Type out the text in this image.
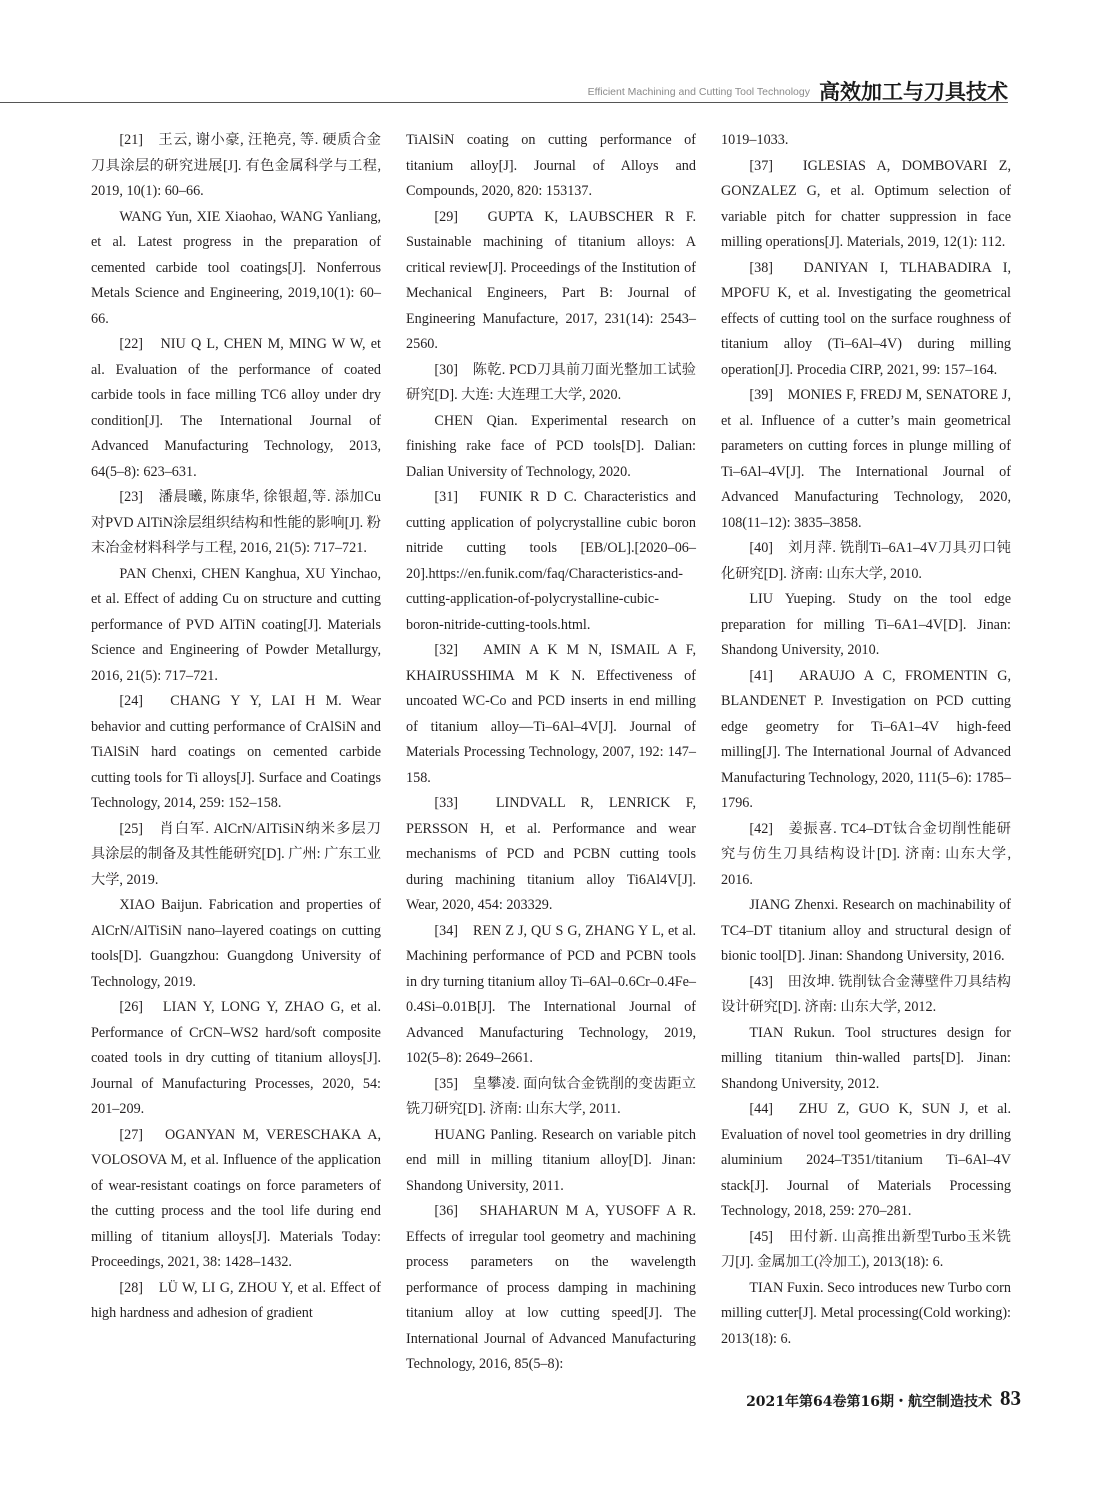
Efficient Machining and Cutting Tool Technology 高效加工与刀具技术

[21]　王云, 谢小豪, 汪艳亮, 等. 硬质合金刀具涂层的研究进展[J]. 有色金属科学与工程, 2019, 10(1): 60–66.

WANG Yun, XIE Xiaohao, WANG Yanliang, et al. Latest progress in the preparation of cemented carbide tool coatings[J]. Nonferrous Metals Science and Engineering, 2019,10(1): 60–66.

[22]　NIU Q L, CHEN M, MING W W, et al. Evaluation of the performance of coated carbide tools in face milling TC6 alloy under dry condition[J]. The International Journal of Advanced Manufacturing Technology, 2013, 64(5–8): 623–631.

[23]　潘晨曦, 陈康华, 徐银超,等. 添加Cu对PVD AlTiN涂层组织结构和性能的影响[J]. 粉末冶金材料科学与工程, 2016, 21(5): 717–721.

PAN Chenxi, CHEN Kanghua, XU Yinchao, et al. Effect of adding Cu on structure and cutting performance of PVD AlTiN coating[J]. Materials Science and Engineering of Powder Metallurgy, 2016, 21(5): 717–721.

[24]　CHANG Y Y, LAI H M. Wear behavior and cutting performance of CrAlSiN and TiAlSiN hard coatings on cemented carbide cutting tools for Ti alloys[J]. Surface and Coatings Technology, 2014, 259: 152–158.

[25]　肖白军. AlCrN/AlTiSiN纳米多层刀具涂层的制备及其性能研究[D]. 广州: 广东工业大学, 2019.

XIAO Baijun. Fabrication and properties of AlCrN/AlTiSiN nano–layered coatings on cutting tools[D]. Guangzhou: Guangdong University of Technology, 2019.

[26]　LIAN Y, LONG Y, ZHAO G, et al. Performance of CrCN–WS2 hard/soft composite coated tools in dry cutting of titanium alloys[J]. Journal of Manufacturing Processes, 2020, 54: 201–209.

[27]　OGANYAN M, VERESCHAKA A, VOLOSOVA M, et al. Influence of the application of wear-resistant coatings on force parameters of the cutting process and the tool life during end milling of titanium alloys[J]. Materials Today: Proceedings, 2021, 38: 1428–1432.

[28]　LÜ W, LI G, ZHOU Y, et al. Effect of high hardness and adhesion of gradient

TiAlSiN coating on cutting performance of titanium alloy[J]. Journal of Alloys and Compounds, 2020, 820: 153137.

[29]　GUPTA K, LAUBSCHER R F. Sustainable machining of titanium alloys: A critical review[J]. Proceedings of the Institution of Mechanical Engineers, Part B: Journal of Engineering Manufacture, 2017, 231(14): 2543–2560.

[30]　陈乾. PCD刀具前刀面光整加工试验研究[D]. 大连: 大连理工大学, 2020.

CHEN Qian. Experimental research on finishing rake face of PCD tools[D]. Dalian: Dalian University of Technology, 2020.

[31]　FUNIK R D C. Characteristics and cutting application of polycrystalline cubic boron nitride cutting tools [EB/OL].[2020–06–20].https://en.funik.com/faq/Characteristics-and-cutting-application-of-polycrystalline-cubic-boron-nitride-cutting-tools.html.

[32]　AMIN A K M N, ISMAIL A F, KHAIRUSSHIMA M K N. Effectiveness of uncoated WC-Co and PCD inserts in end milling of titanium alloy—Ti–6Al–4V[J]. Journal of Materials Processing Technology, 2007, 192: 147–158.

[33]　LINDVALL R, LENRICK F, PERSSON H, et al. Performance and wear mechanisms of PCD and PCBN cutting tools during machining titanium alloy Ti6Al4V[J]. Wear, 2020, 454: 203329.

[34]　REN Z J, QU S G, ZHANG Y L, et al. Machining performance of PCD and PCBN tools in dry turning titanium alloy Ti–6Al–0.6Cr–0.4Fe–0.4Si–0.01B[J]. The International Journal of Advanced Manufacturing Technology, 2019, 102(5–8): 2649–2661.

[35]　皇攀凌. 面向钛合金铣削的变齿距立铣刀研究[D]. 济南: 山东大学, 2011.

HUANG Panling. Research on variable pitch end mill in milling titanium alloy[D]. Jinan: Shandong University, 2011.

[36]　SHAHARUN M A, YUSOFF A R. Effects of irregular tool geometry and machining process parameters on the wavelength performance of process damping in machining titanium alloy at low cutting speed[J]. The International Journal of Advanced Manufacturing Technology, 2016, 85(5–8):

1019–1033.

[37]　IGLESIAS A, DOMBOVARI Z, GONZALEZ G, et al. Optimum selection of variable pitch for chatter suppression in face milling operations[J]. Materials, 2019, 12(1): 112.

[38]　DANIYAN I, TLHABADIRA I, MPOFU K, et al. Investigating the geometrical effects of cutting tool on the surface roughness of titanium alloy (Ti–6Al–4V) during milling operation[J]. Procedia CIRP, 2021, 99: 157–164.

[39]　MONIES F, FREDJ M, SENATORE J, et al. Influence of a cutter’s main geometrical parameters on cutting forces in plunge milling of Ti–6Al–4V[J]. The International Journal of Advanced Manufacturing Technology, 2020, 108(11–12): 3835–3858.

[40]　刘月萍. 铣削Ti–6A1–4V刀具刃口钝化研究[D]. 济南: 山东大学, 2010.

LIU Yueping. Study on the tool edge preparation for milling Ti–6A1–4V[D]. Jinan: Shandong University, 2010.

[41]　ARAUJO A C, FROMENTIN G, BLANDENET P. Investigation on PCD cutting edge geometry for Ti–6A1–4V high-feed milling[J]. The International Journal of Advanced Manufacturing Technology, 2020, 111(5–6): 1785–1796.

[42]　姜振喜. TC4–DT钛合金切削性能研究与仿生刀具结构设计[D]. 济南: 山东大学, 2016.

JIANG Zhenxi. Research on machinability of TC4–DT titanium alloy and structural design of bionic tool[D]. Jinan: Shandong University, 2016.

[43]　田汝坤. 铣削钛合金薄壁件刀具结构设计研究[D]. 济南: 山东大学, 2012.

TIAN Rukun. Tool structures design for milling titanium thin-walled parts[D]. Jinan: Shandong University, 2012.

[44]　ZHU Z, GUO K, SUN J, et al. Evaluation of novel tool geometries in dry drilling aluminium 2024–T351/titanium Ti–6Al–4V stack[J]. Journal of Materials Processing Technology, 2018, 259: 270–281.

[45]　田付新. 山高推出新型Turbo玉米铣刀[J]. 金属加工(冷加工), 2013(18): 6.

TIAN Fuxin. Seco introduces new Turbo corn milling cutter[J]. Metal processing(Cold working): 2013(18): 6.

2021年第64卷第16期・航空制造技术 83
